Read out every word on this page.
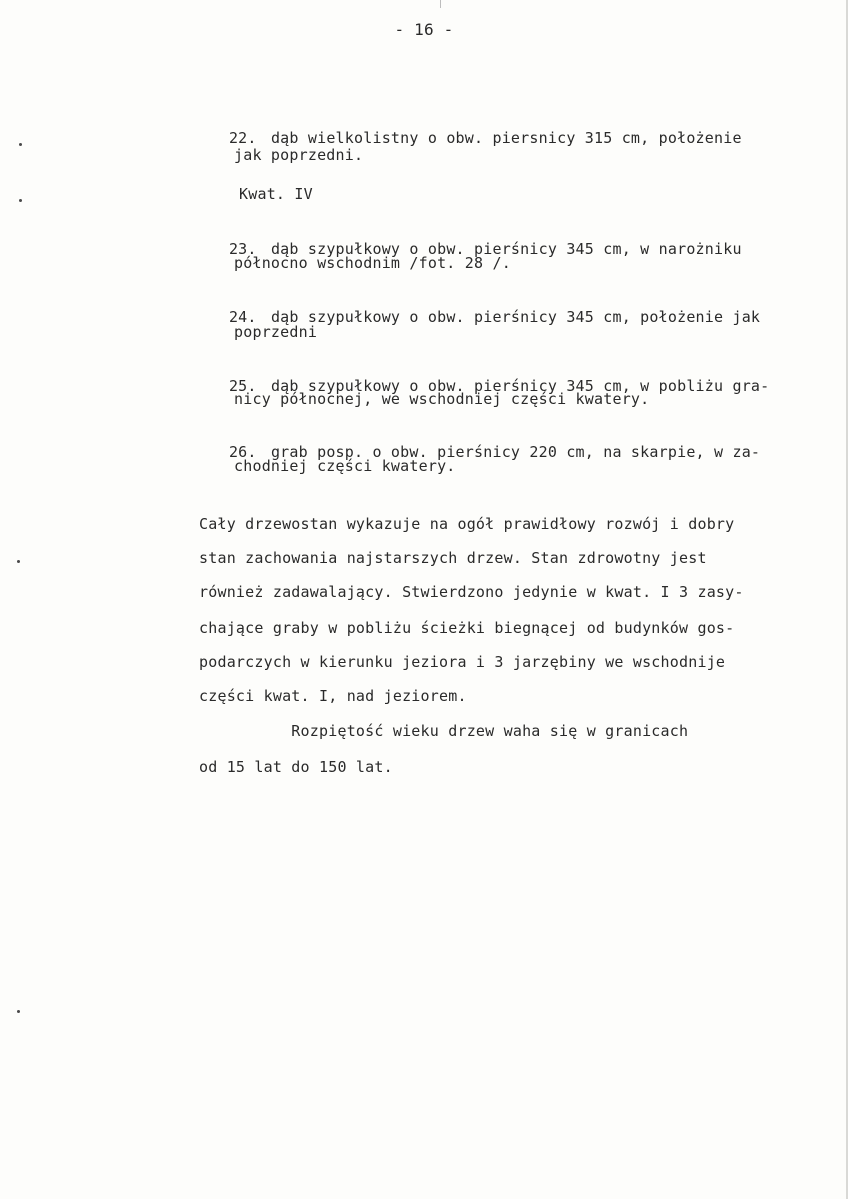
- 16 -

22. dąb wielkolistny o obw. piersnicy 315 cm, położenie

jak poprzedni.
Kwat. IV

23. dąb szypułkowy o obw. pierśnicy 345 cm, w narożniku

północno wschodnim /fot. 28 /.

24. dąb szypułkowy o obw. pierśnicy 345 cm, położenie jak

poprzedni

25. dąb szypułkowy o obw. pierśnicy 345 cm, w pobliżu gra-

nicy północnej, we wschodniej części kwatery.

26. grab posp. o obw. pierśnicy 220 cm, na skarpie, w za-

chodniej części kwatery.
Cały drzewostan wykazuje na ogół prawidłowy rozwój i dobry
stan zachowania najstarszych drzew. Stan zdrowotny jest
również zadawalający. Stwierdzono jedynie w kwat. I 3 zasy-
chające graby w pobliżu ścieżki biegnącej od budynków gos-
podarczych w kierunku jeziora i 3 jarzębiny we wschodnije
części kwat. I, nad jeziorem.
Rozpiętość wieku drzew waha się w granicach
od 15 lat do 150 lat.
